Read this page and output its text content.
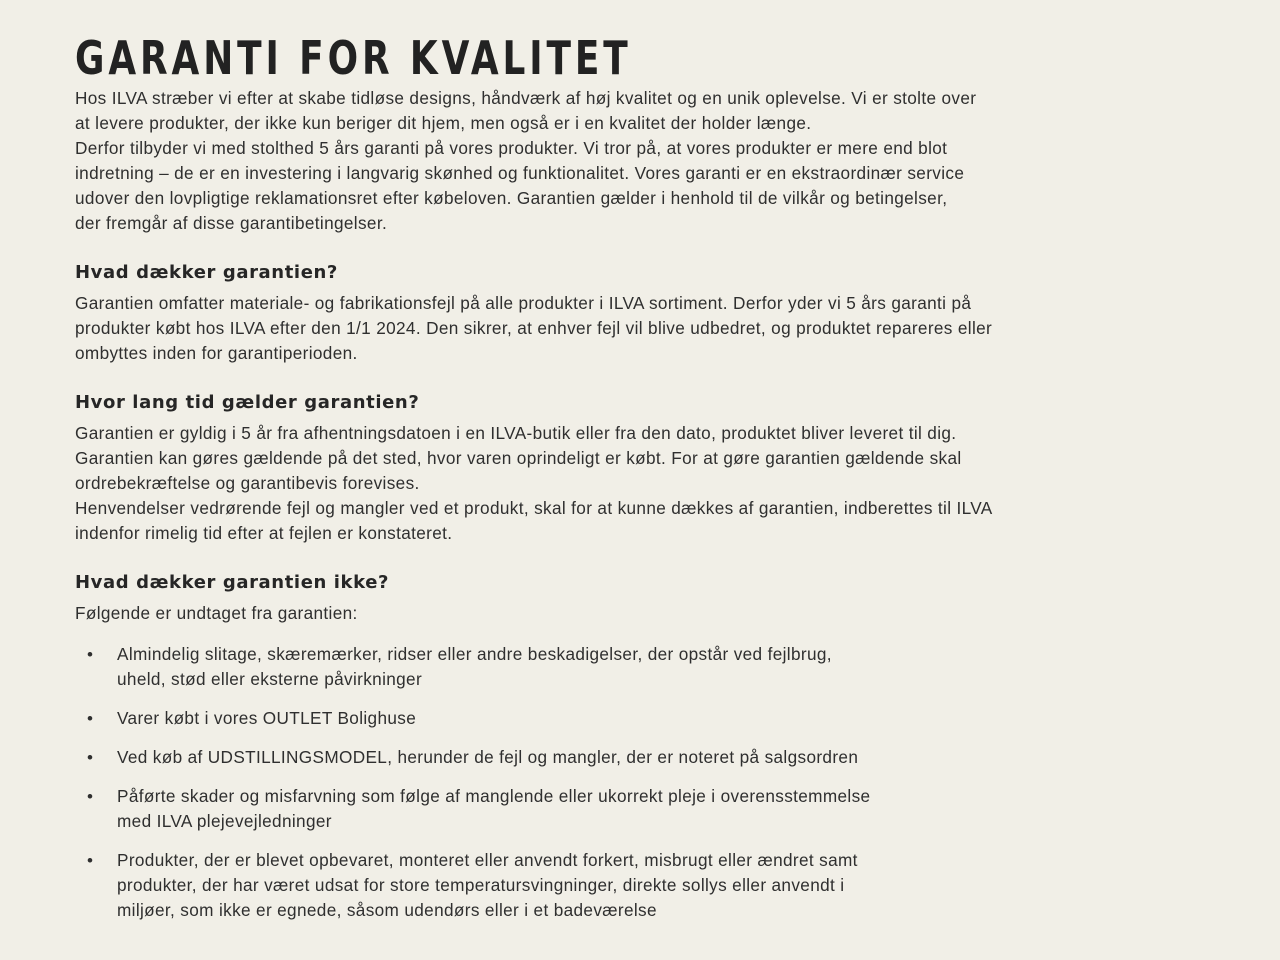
GARANTI FOR KVALITET
Hos ILVA stræber vi efter at skabe tidløse designs, håndværk af høj kvalitet og en unik oplevelse. Vi er stolte over
at levere produkter, der ikke kun beriger dit hjem, men også er i en kvalitet der holder længe.
Derfor tilbyder vi med stolthed 5 års garanti på vores produkter. Vi tror på, at vores produkter er mere end blot
indretning – de er en investering i langvarig skønhed og funktionalitet. Vores garanti er en ekstraordinær service
udover den lovpligtige reklamationsret efter købeloven. Garantien gælder i henhold til de vilkår og betingelser,
der fremgår af disse garantibetingelser.
Hvad dækker garantien?
Garantien omfatter materiale- og fabrikationsfejl på alle produkter i ILVA sortiment. Derfor yder vi 5 års garanti på
produkter købt hos ILVA efter den 1/1 2024. Den sikrer, at enhver fejl vil blive udbedret, og produktet repareres eller
ombyttes inden for garantiperioden.
Hvor lang tid gælder garantien?
Garantien er gyldig i 5 år fra afhentningsdatoen i en ILVA-butik eller fra den dato, produktet bliver leveret til dig.
Garantien kan gøres gældende på det sted, hvor varen oprindeligt er købt. For at gøre garantien gældende skal
ordrebekræftelse og garantibevis forevises.
Henvendelser vedrørende fejl og mangler ved et produkt, skal for at kunne dækkes af garantien, indberettes til ILVA
indenfor rimelig tid efter at fejlen er konstateret.
Hvad dækker garantien ikke?
Følgende er undtaget fra garantien:
• Almindelig slitage, skæremærker, ridser eller andre beskadigelser, der opstår ved fejlbrug,
uheld, stød eller eksterne påvirkninger
• Varer købt i vores OUTLET Bolighuse
• Ved køb af UDSTILLINGSMODEL, herunder de fejl og mangler, der er noteret på salgsordren
• Påførte skader og misfarvning som følge af manglende eller ukorrekt pleje i overensstemmelse
med ILVA plejevejledninger
• Produkter, der er blevet opbevaret, monteret eller anvendt forkert, misbrugt eller ændret samt
produkter, der har været udsat for store temperatursvingninger, direkte sollys eller anvendt i
miljøer, som ikke er egnede, såsom udendørs eller i et badeværelse
